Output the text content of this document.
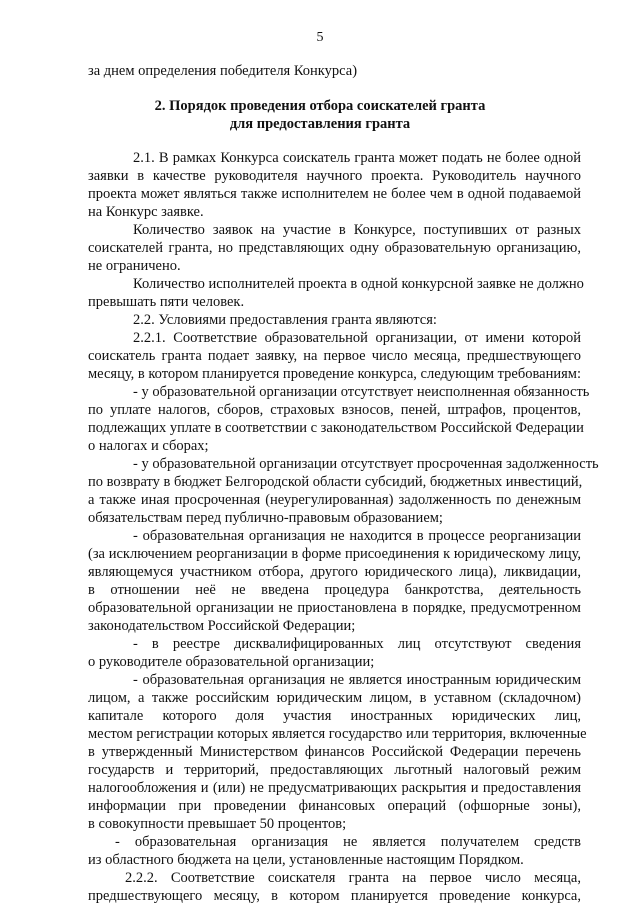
5
за днем определения победителя Конкурса)
2. Порядок проведения отбора соискателей гранта
для предоставления гранта
2.1. В рамках Конкурса соискатель гранта может подать не более одной
заявки в качестве руководителя научного проекта. Руководитель научного
проекта может являться также исполнителем не более чем в одной подаваемой
на Конкурс заявке.
Количество заявок на участие в Конкурсе, поступивших от разных
соискателей гранта, но представляющих одну образовательную организацию,
не ограничено.
Количество исполнителей проекта в одной конкурсной заявке не должно
превышать пяти человек.
2.2. Условиями предоставления гранта являются:
2.2.1. Соответствие образовательной организации, от имени которой
соискатель гранта подает заявку, на первое число месяца, предшествующего
месяцу, в котором планируется проведение конкурса, следующим требованиям:
- у образовательной организации отсутствует неисполненная обязанность
по уплате налогов, сборов, страховых взносов, пеней, штрафов, процентов,
подлежащих уплате в соответствии с законодательством Российской Федерации
о налогах и сборах;
- у образовательной организации отсутствует просроченная задолженность
по возврату в бюджет Белгородской области субсидий, бюджетных инвестиций,
а также иная просроченная (неурегулированная) задолженность по денежным
обязательствам перед публично-правовым образованием;
- образовательная организация не находится в процессе реорганизации
(за исключением реорганизации в форме присоединения к юридическому лицу,
являющемуся участником отбора, другого юридического лица), ликвидации,
в отношении неё не введена процедура банкротства, деятельность
образовательной организации не приостановлена в порядке, предусмотренном
законодательством Российской Федерации;
- в реестре дисквалифицированных лиц отсутствуют сведения
о руководителе образовательной организации;
- образовательная организация не является иностранным юридическим
лицом, а также российским юридическим лицом, в уставном (складочном)
капитале которого доля участия иностранных юридических лиц,
местом регистрации которых является государство или территория, включенные
в утвержденный Министерством финансов Российской Федерации перечень
государств и территорий, предоставляющих льготный налоговый режим
налогообложения и (или) не предусматривающих раскрытия и предоставления
информации при проведении финансовых операций (офшорные зоны),
в совокупности превышает 50 процентов;
- образовательная организация не является получателем средств
из областного бюджета на цели, установленные настоящим Порядком.
2.2.2. Соответствие соискателя гранта на первое число месяца,
предшествующего месяцу, в котором планируется проведение конкурса,
